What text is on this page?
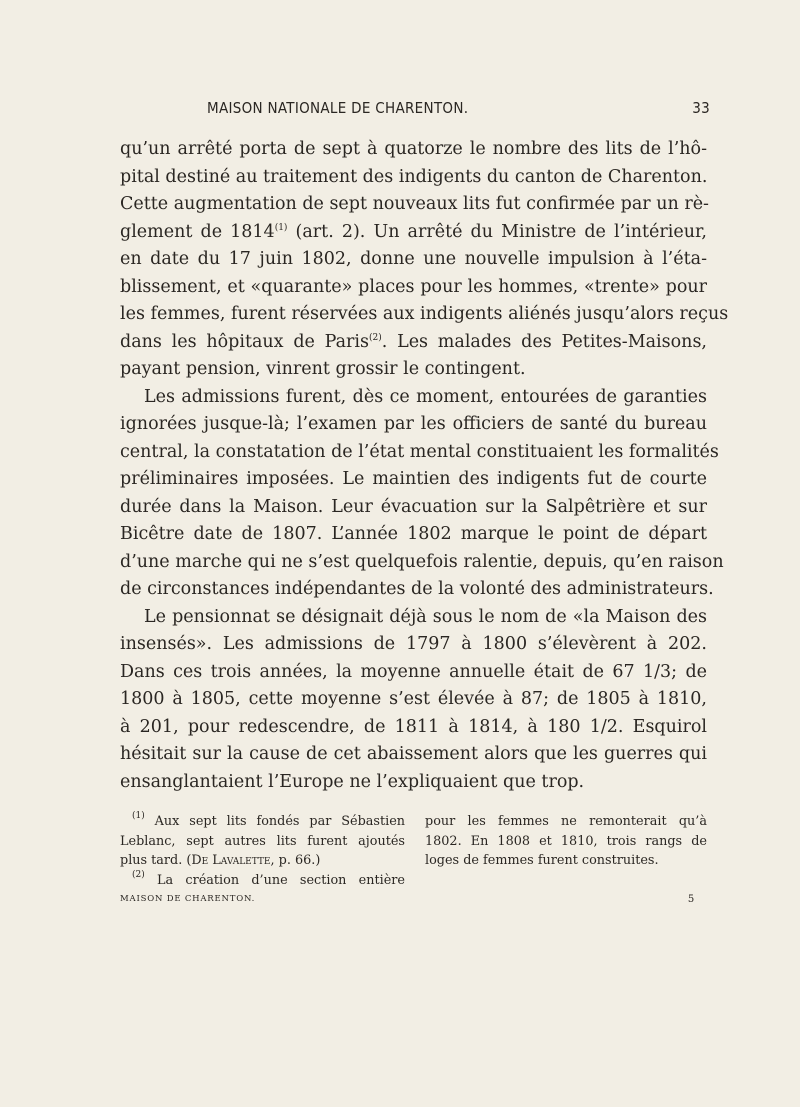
MAISON NATIONALE DE CHARENTON.	33
qu’un arrêté porta de sept à quatorze le nombre des lits de l’hô-
pital destiné au traitement des indigents du canton de Charenton.
Cette augmentation de sept nouveaux lits fut confirmée par un rè-
glement de 1814$^{(1)}$ (art. 2). Un arrêté du Ministre de l’intérieur,
en date du 17 juin 1802, donne une nouvelle impulsion à l’éta-
blissement, et «quarante» places pour les hommes, «trente» pour
les femmes, furent réservées aux indigents aliénés jusqu’alors reçus
dans les hôpitaux de Paris$^{(2)}$. Les malades des Petites-Maisons,
payant pension, vinrent grossir le contingent.
Les admissions furent, dès ce moment, entourées de garanties
ignorées jusque-là; l’examen par les officiers de santé du bureau
central, la constatation de l’état mental constituaient les formalités
préliminaires imposées. Le maintien des indigents fut de courte
durée dans la Maison. Leur évacuation sur la Salpêtrière et sur
Bicêtre date de 1807. L’année 1802 marque le point de départ
d’une marche qui ne s’est quelquefois ralentie, depuis, qu’en raison
de circonstances indépendantes de la volonté des administrateurs.
Le pensionnat se désignait déjà sous le nom de «la Maison des
insensés». Les admissions de 1797 à 1800 s’élevèrent à 202.
Dans ces trois années, la moyenne annuelle était de 67 1/3; de
1800 à 1805, cette moyenne s’est élevée à 87; de 1805 à 1810,
à 201, pour redescendre, de 1811 à 1814, à 180 1/2. Esquirol
hésitait sur la cause de cet abaissement alors que les guerres qui
ensanglantaient l’Europe ne l’expliquaient que trop.
$^{(1)}$ Aux sept lits fondés par Sébastien
Leblanc, sept autres lits furent ajoutés
plus tard. (De Lavalette, p. 66.)
$^{(2)}$ La création d’une section entière
pour les femmes ne remonterait qu’à
1802. En 1808 et 1810, trois rangs de
loges de femmes furent construites.
MAISON DE CHARENTON.	5
